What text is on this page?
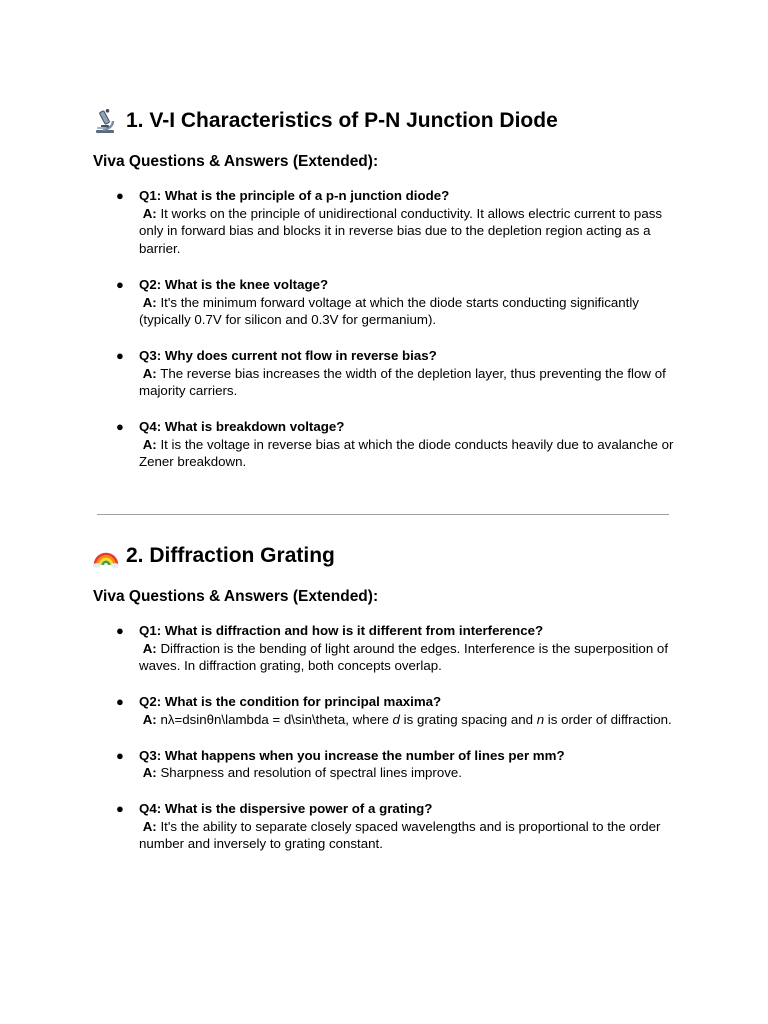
1. V-I Characteristics of P-N Junction Diode

Viva Questions & Answers (Extended):

● Q1: What is the principle of a p-n junction diode?
A: It works on the principle of unidirectional conductivity. It allows electric current to pass only in forward bias and blocks it in reverse bias due to the depletion region acting as a barrier.
● Q2: What is the knee voltage?
A: It's the minimum forward voltage at which the diode starts conducting significantly (typically 0.7V for silicon and 0.3V for germanium).
● Q3: Why does current not flow in reverse bias?
A: The reverse bias increases the width of the depletion layer, thus preventing the flow of majority carriers.
● Q4: What is breakdown voltage?
A: It is the voltage in reverse bias at which the diode conducts heavily due to avalanche or Zener breakdown.
2. Diffraction Grating

Viva Questions & Answers (Extended):

● Q1: What is diffraction and how is it different from interference?
A: Diffraction is the bending of light around the edges. Interference is the superposition of waves. In diffraction grating, both concepts overlap.
● Q2: What is the condition for principal maxima?
A: nλ=dsinθn\lambda = d\sin\theta, where d is grating spacing and n is order of diffraction.
● Q3: What happens when you increase the number of lines per mm?
A: Sharpness and resolution of spectral lines improve.
● Q4: What is the dispersive power of a grating?
A: It's the ability to separate closely spaced wavelengths and is proportional to the order number and inversely to grating constant.
